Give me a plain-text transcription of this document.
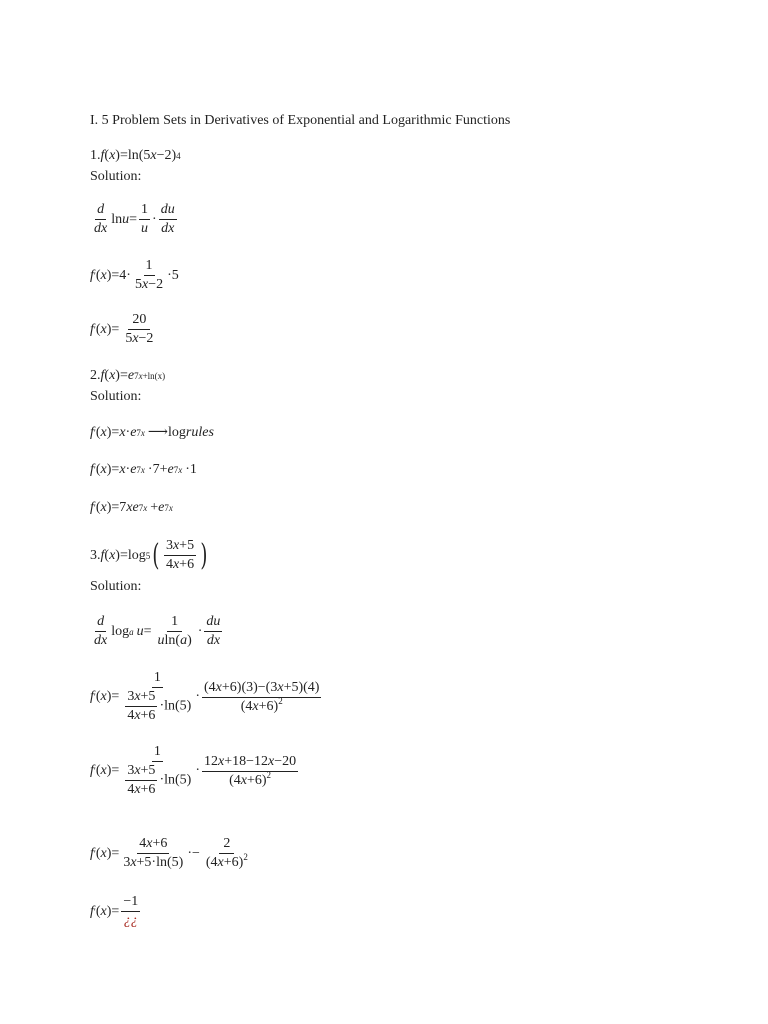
I. 5 Problem Sets in Derivatives of Exponential and Logarithmic Functions
1. f ( x )=ln(5 x −2) 4
Solution:
$\frac{d}{dx}$ $\ln u = \frac{1}{u} \cdot \frac{du}{dx}$
f ′ ( x )$=4\cdot \frac{1}{5x-2} \cdot 5$
f ′ ( x )= $\frac{20}{5x-2}$
2. f ( x )= e 7x+ln(x)
Solution:
f ′ ( x )= x · e 7x ⟶log rules
f ′ ( x )= x · e 7x ·7+ e 7x ·1
f ′ ( x )=7 x e 7x + e 7x
3. f ( x )=log 5 ( $\frac{3x+5}{4x+6}$ )
Solution:
$\frac{d}{dx}$ log a $u = \frac{1}{uln(a)} \cdot \frac{du}{dx}$
f ′ ( x )= $\frac{1}{\frac{3x+5}{4x+6} \cdot\ln(5)} \cdot \frac{(4x+6)(3)-(3x+5)(4)}{(4x+6)^2}$
f ′ ( x )= $\frac{1}{\frac{3x+5}{4x+6} \cdot\ln(5)} \cdot \frac{12x+18-12x-20}{(4x+6)^2}$
f ′ ( x )= $\frac{4x+6}{3x+5\cdot\ln(5)} \cdot- \frac{2}{(4x+6)^2}$
f ′ ( x )= $\frac{-1}{¿¿}$
